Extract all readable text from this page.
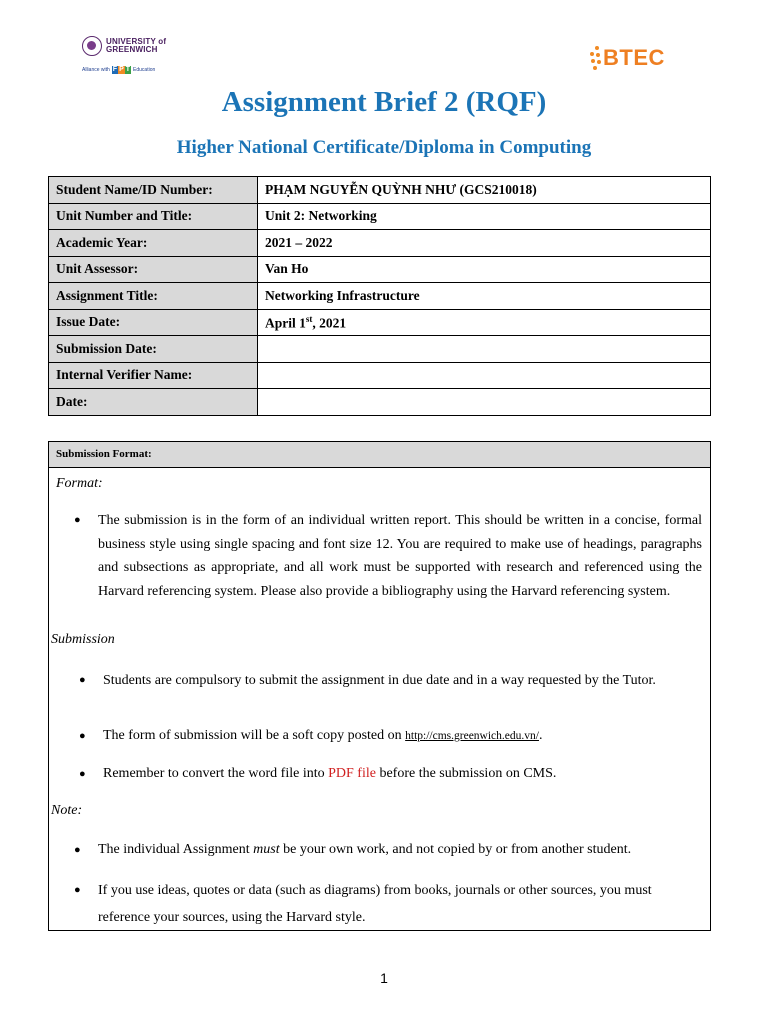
UNIVERSITY of GREENWICH
Alliance with F P T Education	BTEC
Assignment Brief 2 (RQF)
Higher National Certificate/Diploma in Computing
Student Name/ID Number:	PHẠM NGUYỄN QUỲNH NHƯ (GCS210018)
Unit Number and Title:	Unit 2: Networking
Academic Year:	2021 – 2022
Unit Assessor:	Van Ho
Assignment Title:	Networking Infrastructure
Issue Date:	April 1st, 2021
Submission Date:	
Internal Verifier Name:	
Date:	
Submission Format:
Format:
● The submission is in the form of an individual written report. This should be written in a concise, formal business style using single spacing and font size 12. You are required to make use of headings, paragraphs and subsections as appropriate, and all work must be supported with research and referenced using the Harvard referencing system. Please also provide a bibliography using the Harvard referencing system.
Submission
● Students are compulsory to submit the assignment in due date and in a way requested by the Tutor.
● The form of submission will be a soft copy posted on http://cms.greenwich.edu.vn/.
● Remember to convert the word file into PDF file before the submission on CMS.
Note:
● The individual Assignment must be your own work, and not copied by or from another student.
● If you use ideas, quotes or data (such as diagrams) from books, journals or other sources, you must reference your sources, using the Harvard style.
1
